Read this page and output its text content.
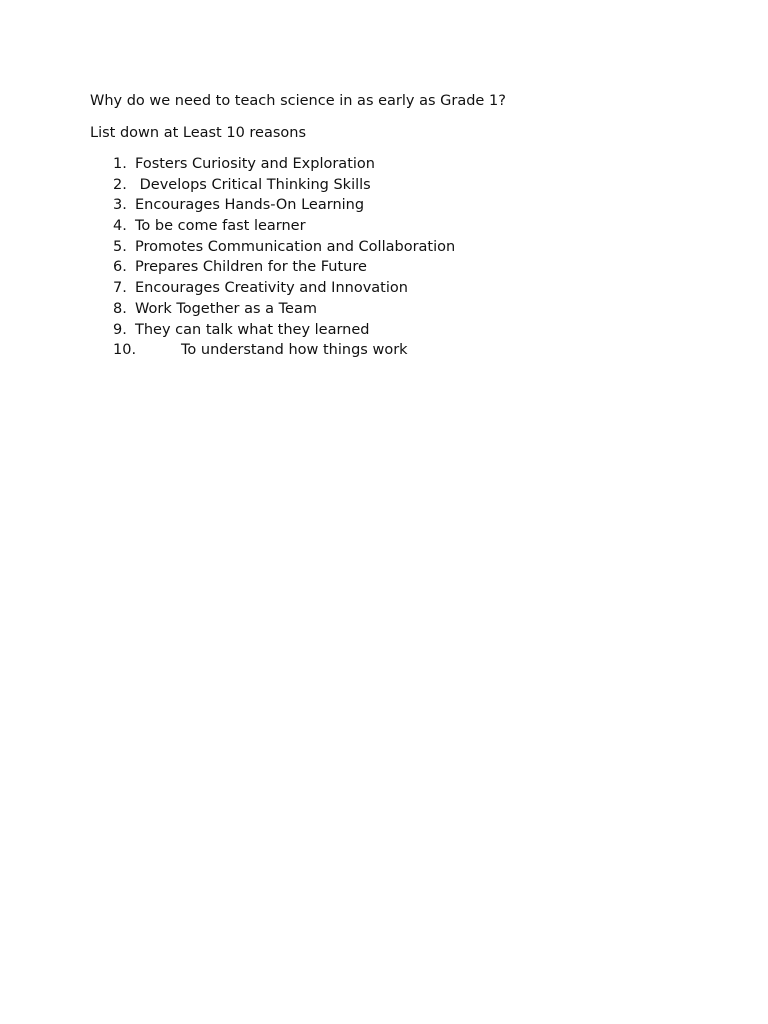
Why do we need to teach science in as early as Grade 1?
List down at Least 10 reasons

1.

Fosters Curiosity and Exploration

2.

Develops Critical Thinking Skills

3.

Encourages Hands-On Learning

4.

To be come fast learner

5.

Promotes Communication and Collaboration

6.

Prepares Children for the Future

7.

Encourages Creativity and Innovation

8.

Work Together as a Team

9.

They can talk what they learned

10.

	To understand how things work
